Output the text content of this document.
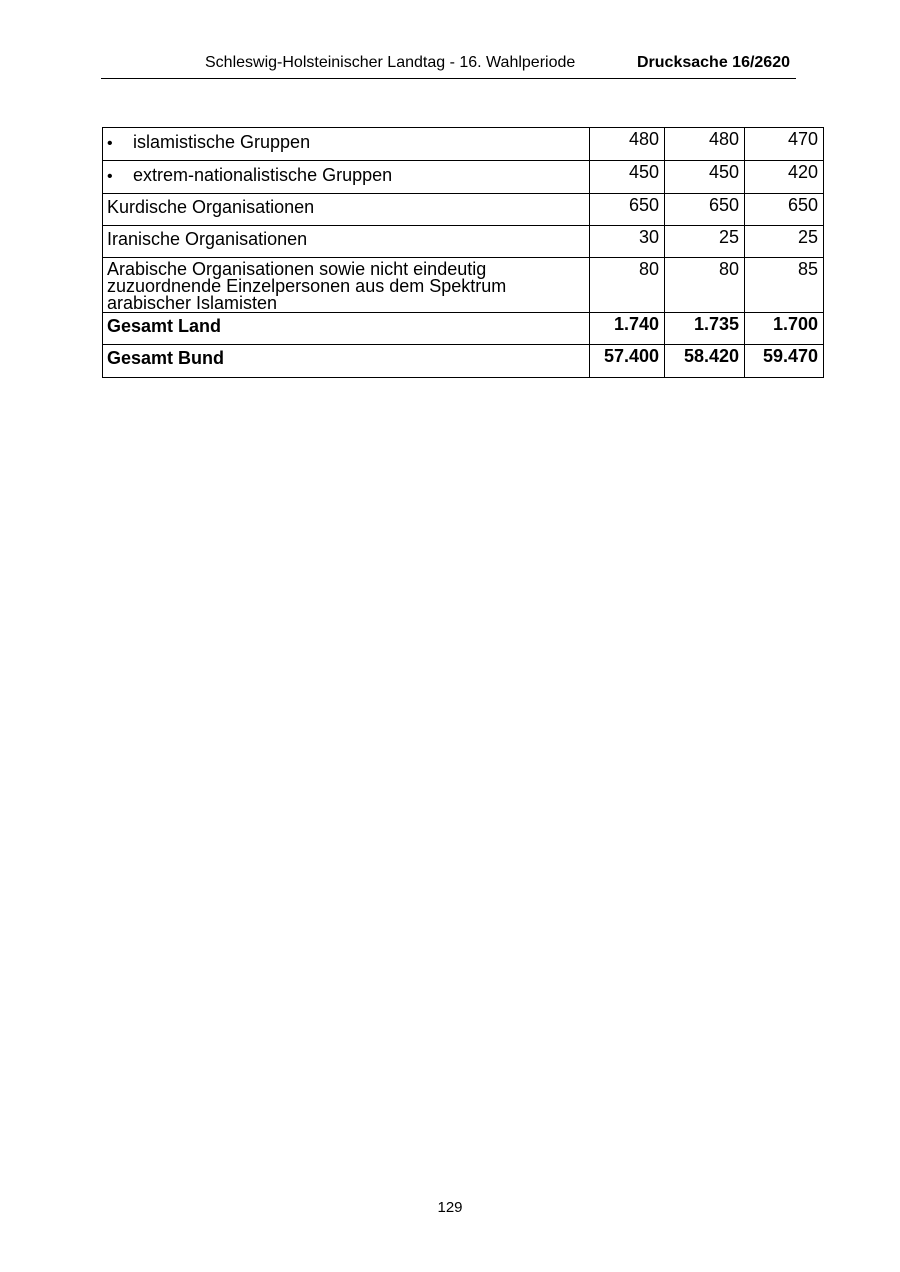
Schleswig-Holsteinischer Landtag - 16. Wahlperiode	Drucksache 16/2620
• islamistische Gruppen	480	480	470
• extrem-nationalistische Gruppen	450	450	420
Kurdische Organisationen	650	650	650
Iranische Organisationen	30	25	25

Arabische Organisationen sowie nicht eindeutig
zuzuordnende Einzelpersonen aus dem Spektrum
arabischer Islamisten	80	80	85
Gesamt Land	1.740	1.735	1.700
Gesamt Bund	57.400	58.420	59.470
129
